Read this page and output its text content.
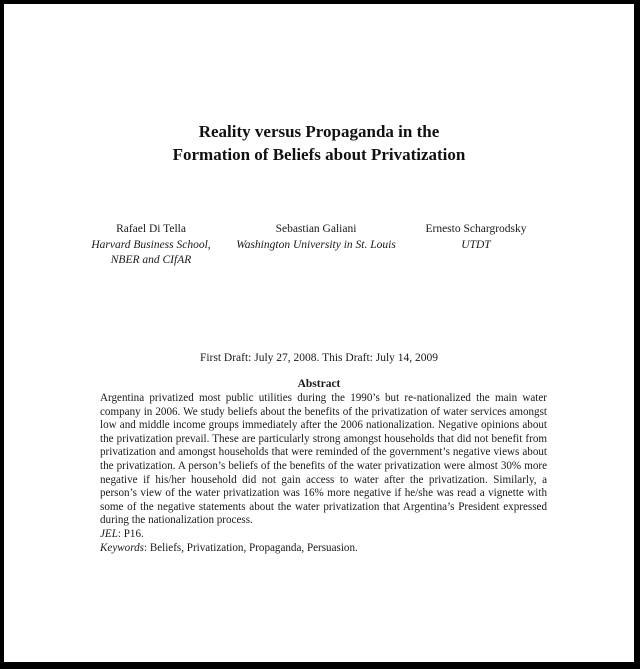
Reality versus Propaganda in the
Formation of Beliefs about Privatization
Rafael Di Tella
Harvard Business School,
NBER and CIfAR
Sebastian Galiani
Washington University in St. Louis
Ernesto Schargrodsky
UTDT
First Draft: July 27, 2008. This Draft: July 14, 2009
Abstract

Argentina privatized most public utilities during the 1990’s but re-nationalized the main water company in 2006. We study beliefs about the benefits of the privatization of water services amongst low and middle income groups immediately after the 2006 nationalization. Negative opinions about the privatization prevail. These are particularly strong amongst households that did not benefit from privatization and amongst households that were reminded of the government’s negative views about the privatization. A person’s beliefs of the benefits of the water privatization were almost 30% more negative if his/her household did not gain access to water after the privatization. Similarly, a person’s view of the water privatization was 16% more negative if he/she was read a vignette with some of the negative statements about the water privatization that Argentina’s President expressed during the nationalization process.

JEL: P16.
Keywords: Beliefs, Privatization, Propaganda, Persuasion.
